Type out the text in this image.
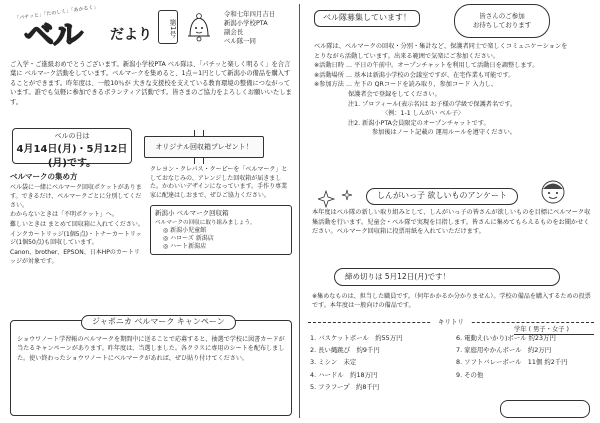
「パチッと」「たのしく」「あかるく」
ベル だより	第1号
令和七年四月吉日
新潟小学校PTA
副会長
ベル隊一同
ご入学・ご進級おめでとうございます。新潟小学校PTA ベル隊は、「パチッと楽しく明るく」を合言葉に ベルマーク活動をしています。ベルマークを集めると、1点＝1円として新潟小の備品を購入することができます。昨年度は、一般10％が 大きな支援校を支えている教育環境の整備につながっています。誰でも気軽に参加できるボランティア活動です。皆さまのご協力をよろしくお願いいたします。
ベルの日は
4月14日(月)・5月12日(月)です。
オリジナル回収箱プレゼント！
ベルマークの集め方

ベル袋に一緒にベルマーク回収ポケットがあります。できるだけ、ベルマークごとに分別してください。

わからないときは「不明ポケット」へ。

難しいときは まとめて回収箱に入れてください。

インクカートリッジ(1個5点)・トナーカートリッジ(1個50点)も回収しています。

Canon、brother、EPSON、日本HPのカートリッジが対象です。

クレヨン・クレパス・クーピーを「ベルマーク」としておなじみの、アレンジした回収箱が届きました。かわいいデザインになっています。手作り専業家に配達はしおまで、ぜひご協力ください。
新潟小 ベルマーク回収箱
ベルマークの回収に取り組みましょう。
◎ 新潟小児童館
◎ ハローズ 新潟店
◎ ハート新潟店
ジャポニカ ベルマーク キャンペーン
ショウワノート学習帳のベルマークを期間中に送ることで応募すると、抽選で学校に図書カードが当たるキャンペーンがあります。昨年度は、当選しました。各クラスに専用のシートを配布しました。使い終わったショウワノートにベルマークがあれば、ぜひ貼り付けてください。
ベル隊募集しています！	皆さんのご参加
お待ちしております
ベル隊は、ベルマークの回収・分別・集計など、保護者同士で楽しくコミュニケーションを
とりながら活動しています。出来る範囲で気楽にご参加ください。
※活動日時 … 平日の午前中。オープンチャットを利用して活動日を調整します。
※活動場所 … 基本は新潟小学校の会議室ですが、在宅作業も可能です。
※参加方法 … 左下の QRコードを読み取り、参加コード 入力し、
保護者会で登録をしてください。
注1. プロフィール(表示名)は お子様の学級で保護者名です。
〈例：1-1 しんがい ベル子〉
注2. 新潟小PTA会員限定のオープンチャットです。
参加後はノート記載の 運用ルールを遵守ください。
しんがいっ子 欲しいものアンケート
本年度はベル隊の新しい取り組みとして、しんがいっ子の皆さんが欲しいものを目標にベルマーク収集活動を行います。児童会・ベル隊で実現を目指します。皆さんに集めてもらえるものをお聞かせください。ベルマーク回収箱に投票用紙を入れていただけます。
締め切りは 5月12日(月)です！
※集めなものは、担当した職員です。（何年かかるか分かりません）。学校の備品を購入するための投票です。本年度は一般向けの備品です。
キリトリ
学年 ( 男子・女子 )
1. バスケットボール　約55万円
2. 長い縄跳び　約9千円
3. ミシン　未定
4. ハードル　約18万円
5. フラフープ　約8千円
6. 電動え(いかり)ボール 約23万円
7. 家庭用やかんボール　約2万円
8. ソフトバレーボール　11個 約2千円
9. その他
